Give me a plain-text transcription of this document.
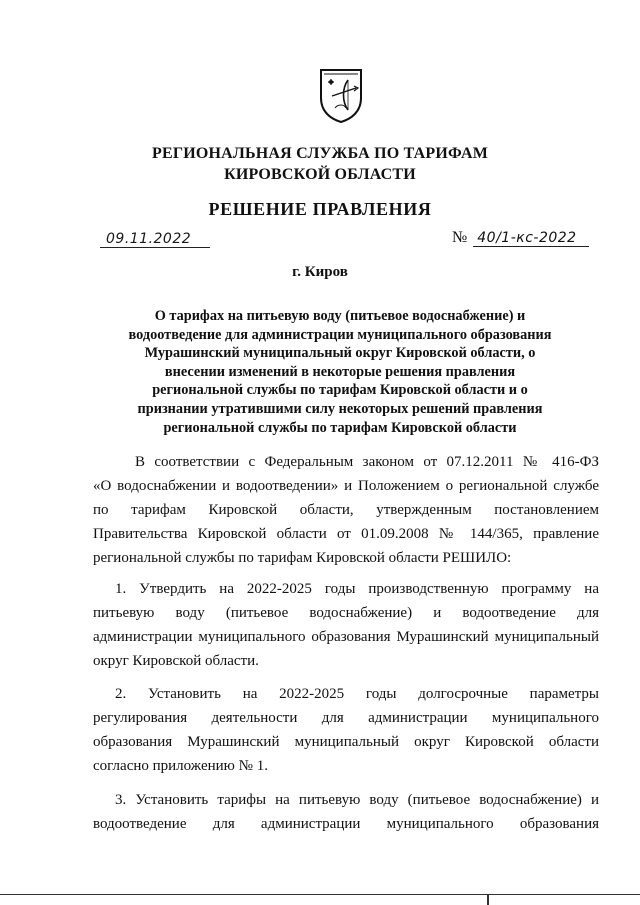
РЕГИОНАЛЬНАЯ СЛУЖБА ПО ТАРИФАМ
КИРОВСКОЙ ОБЛАСТИ
РЕШЕНИЕ ПРАВЛЕНИЯ
09.11.2022	№ 40/1-кс-2022
г. Киров
О тарифах на питьевую воду (питьевое водоснабжение) и
водоотведение для администрации муниципального образования
Мурашинский муниципальный округ Кировской области, о
внесении изменений в некоторые решения правления
региональной службы по тарифам Кировской области и о
признании утратившими силу некоторых решений правления
региональной службы по тарифам Кировской области
В соответствии с Федеральным законом от 07.12.2011 № 416-ФЗ
«О водоснабжении и водоотведении» и Положением о региональной службе
по тарифам Кировской области, утвержденным постановлением
Правительства Кировской области от 01.09.2008 № 144/365, правление
региональной службы по тарифам Кировской области РЕШИЛО:
1. Утвердить на 2022-2025 годы производственную программу на
питьевую воду (питьевое водоснабжение) и водоотведение для
администрации муниципального образования Мурашинский муниципальный
округ Кировской области.
2. Установить на 2022-2025 годы долгосрочные параметры
регулирования деятельности для администрации муниципального
образования Мурашинский муниципальный округ Кировской области
согласно приложению № 1.
3. Установить тарифы на питьевую воду (питьевое водоснабжение) и
водоотведение для администрации муниципального образования
